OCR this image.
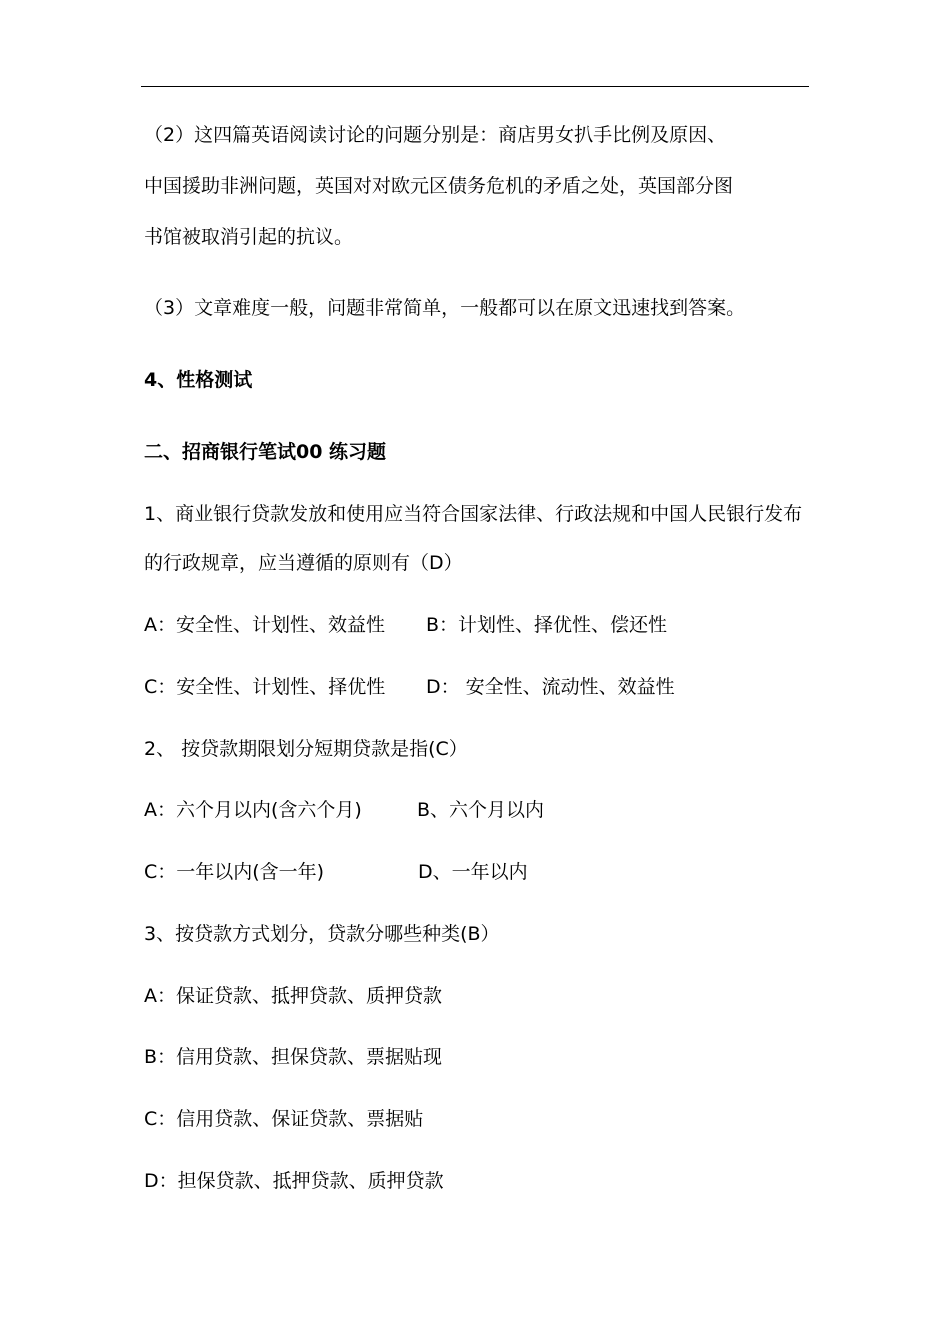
（2）这四篇英语阅读讨论的问题分别是：商店男女扒手比例及原因、
中国援助非洲问题，英国对对欧元区债务危机的矛盾之处，英国部分图
书馆被取消引起的抗议。
（3）文章难度一般，问题非常简单，一般都可以在原文迅速找到答案。
4、性格测试
二、招商银行笔试00 练习题
1、商业银行贷款发放和使用应当符合国家法律、行政法规和中国人民银行发布
的行政规章，应当遵循的原则有（D）
A：安全性、计划性、效益性 B：计划性、择优性、偿还性
C：安全性、计划性、择优性 D： 安全性、流动性、效益性
2、 按贷款期限划分短期贷款是指(C）
A：六个月以内(含六个月)	B、六个月以内
C：一年以内(含一年)	D、一年以内
3、按贷款方式划分，贷款分哪些种类(B）
A：保证贷款、抵押贷款、质押贷款
B：信用贷款、担保贷款、票据贴现
C：信用贷款、保证贷款、票据贴
D：担保贷款、抵押贷款、质押贷款
